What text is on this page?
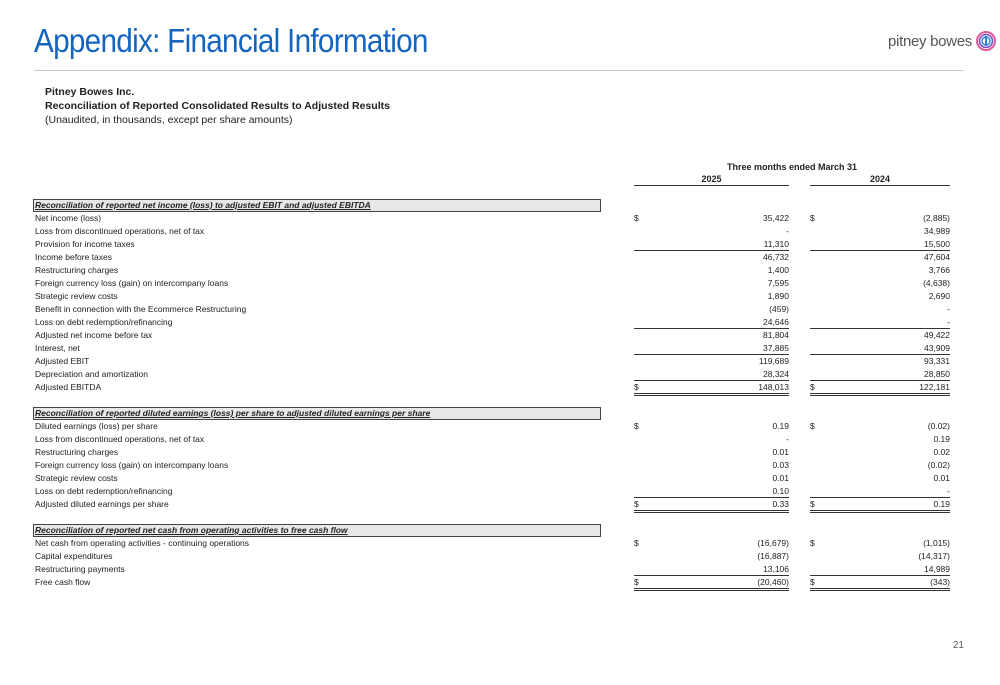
Appendix: Financial Information	pitney bowes
Pitney Bowes Inc.
Reconciliation of Reported Consolidated Results to Adjusted Results
(Unaudited, in thousands, except per share amounts)
Three months ended March 31
2025	2024
Reconciliation of reported net income (loss) to adjusted EBIT and adjusted EBITDA
Net income (loss)	$	35,422 $	(2,885)
Loss from discontinued operations, net of tax	-	34,989
Provision for income taxes	11,310	15,500
Income before taxes	46,732	47,604
Restructuring charges	1,400	3,766
Foreign currency loss (gain) on intercompany loans	7,595	(4,638)
Strategic review costs	1,890	2,690
Benefit in connection with the Ecommerce Restructuring	(459)	-
Loss on debt redemption/refinancing	24,646	-
Adjusted net income before tax	81,804	49,422
Interest, net	37,885	43,909
Adjusted EBIT	119,689	93,331
Depreciation and amortization	28,324	28,850
Adjusted EBITDA	$	148,013 $	122,181
Reconciliation of reported diluted earnings (loss) per share to adjusted diluted earnings per share
Diluted earnings (loss) per share	$	0.19 $	(0.02)
Loss from discontinued operations, net of tax	-	0.19
Restructuring charges	0.01	0.02
Foreign currency loss (gain) on intercompany loans	0.03	(0.02)
Strategic review costs	0.01	0.01
Loss on debt redemption/refinancing	0.10	-
Adjusted diluted earnings per share	$	0.33 $	0.19
Reconciliation of reported net cash from operating activities to free cash flow
Net cash from operating activities - continuing operations	$	(16,679) $	(1,015)
Capital expenditures	(16,887)	(14,317)
Restructuring payments	13,106	14,989
Free cash flow	$	(20,460) $	(343)
21
